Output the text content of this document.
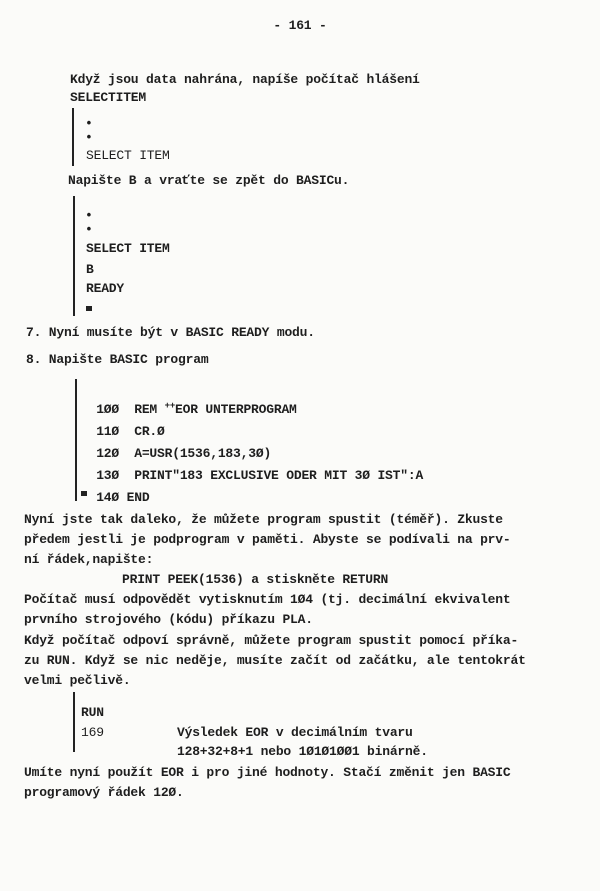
- 161 -
Když jsou data nahrána, napíše počítač hlášení
SELECTITEM
•
•
SELECT ITEM
Napište B a vraťte se zpět do BASICu.
•
•
SELECT ITEM
B
READY
7. Nyní musíte být v BASIC READY modu.
8. Napište BASIC program

1ØØ REM ++EOR UNTERPROGRAM

11Ø CR.Ø

12Ø A=USR(1536,183,3Ø)

13Ø PRINT"183 EXCLUSIVE ODER MIT 3Ø IST":A

14Ø END

Nyní jste tak daleko, že můžete program spustit (téměř). Zkuste
předem jestli je podprogram v paměti. Abyste se podívali na prv-
ní řádek,napište:
PRINT PEEK(1536) a stiskněte RETURN
Počítač musí odpovědět vytisknutím 1Ø4 (tj. decimální ekvivalent
prvního strojového (kódu) příkazu PLA.
Když počítač odpoví správně, můžete program spustit pomocí příka-
zu RUN. Když se nic neděje, musíte začít od začátku, ale tentokrát
velmi pečlivě.
RUN
169	Výsledek EOR v decimálním tvaru
128+32+8+1 nebo 1Ø1Ø1ØØ1 binárně.
Umíte nyní použít EOR i pro jiné hodnoty. Stačí změnit jen BASIC
programový řádek 12Ø.
